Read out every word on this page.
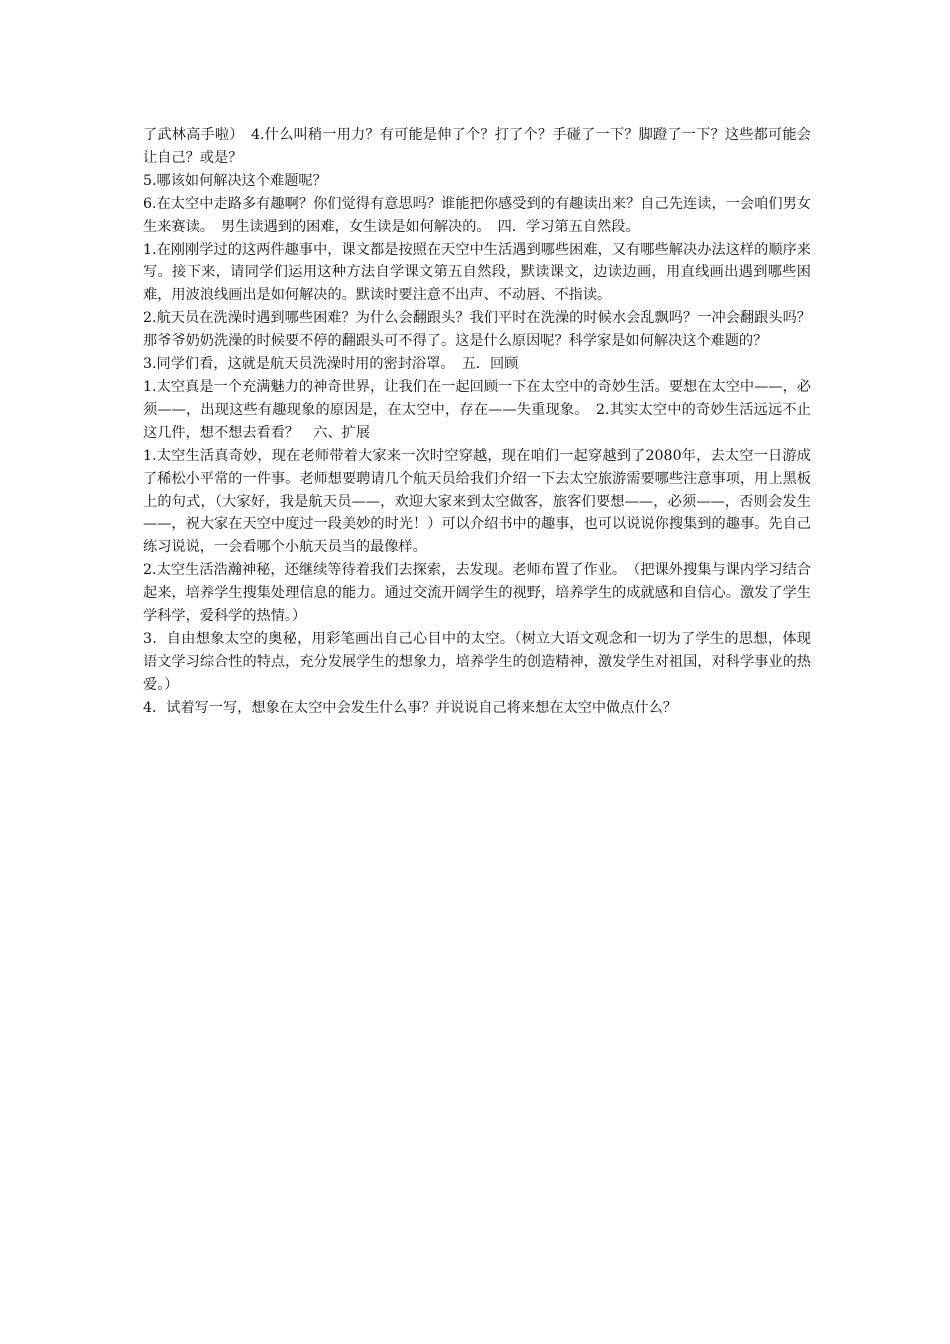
了武林高手啦）　4.什么叫稍一用力？有可能是伸了个？打了个？手碰了一下？脚蹬了一下？这些都可能会让自己？或是？

5.哪该如何解决这个难题呢？

6.在太空中走路多有趣啊？你们觉得有意思吗？谁能把你感受到的有趣读出来？自己先连读，一会咱们男女生来赛读。　男生读遇到的困难，女生读是如何解决的。　四．学习第五自然段。

1.在刚刚学过的这两件趣事中，课文都是按照在天空中生活遇到哪些困难，又有哪些解决办法这样的顺序来写。接下来，请同学们运用这种方法自学课文第五自然段，默读课文，边读边画，用直线画出遇到哪些困难，用波浪线画出是如何解决的。默读时要注意不出声、不动唇、不指读。

2.航天员在洗澡时遇到哪些困难？为什么会翻跟头？我们平时在洗澡的时候水会乱飘吗？一冲会翻跟头吗？那爷爷奶奶洗澡的时候要不停的翻跟头可不得了。这是什么原因呢？科学家是如何解决这个难题的？

3.同学们看，这就是航天员洗澡时用的密封浴罩。　五．回顾

1.太空真是一个充满魅力的神奇世界，让我们在一起回顾一下在太空中的奇妙生活。要想在太空中——，必须——，出现这些有趣现象的原因是，在太空中，存在——失重现象。　2.其实太空中的奇妙生活远远不止这几件，想不想去看看？　六、扩展

1.太空生活真奇妙，现在老师带着大家来一次时空穿越，现在咱们一起穿越到了2080年，去太空一日游成了稀松小平常的一件事。老师想要聘请几个航天员给我们介绍一下去太空旅游需要哪些注意事项，用上黑板上的句式，（大家好，我是航天员——，欢迎大家来到太空做客，旅客们要想——，必须——，否则会发生——，祝大家在天空中度过一段美妙的时光！）可以介绍书中的趣事，也可以说说你搜集到的趣事。先自己练习说说，一会看哪个小航天员当的最像样。

2.太空生活浩瀚神秘，还继续等待着我们去探索，去发现。老师布置了作业。　（把课外搜集与课内学习结合起来，培养学生搜集处理信息的能力。通过交流开阔学生的视野，培养学生的成就感和自信心。激发了学生学科学，爱科学的热情。）

3．自由想象太空的奥秘，用彩笔画出自己心目中的太空。（树立大语文观念和一切为了学生的思想，体现语文学习综合性的特点，充分发展学生的想象力，培养学生的创造精神，激发学生对祖国，对科学事业的热爱。）

4．试着写一写，想象在太空中会发生什么事？并说说自己将来想在太空中做点什么？
